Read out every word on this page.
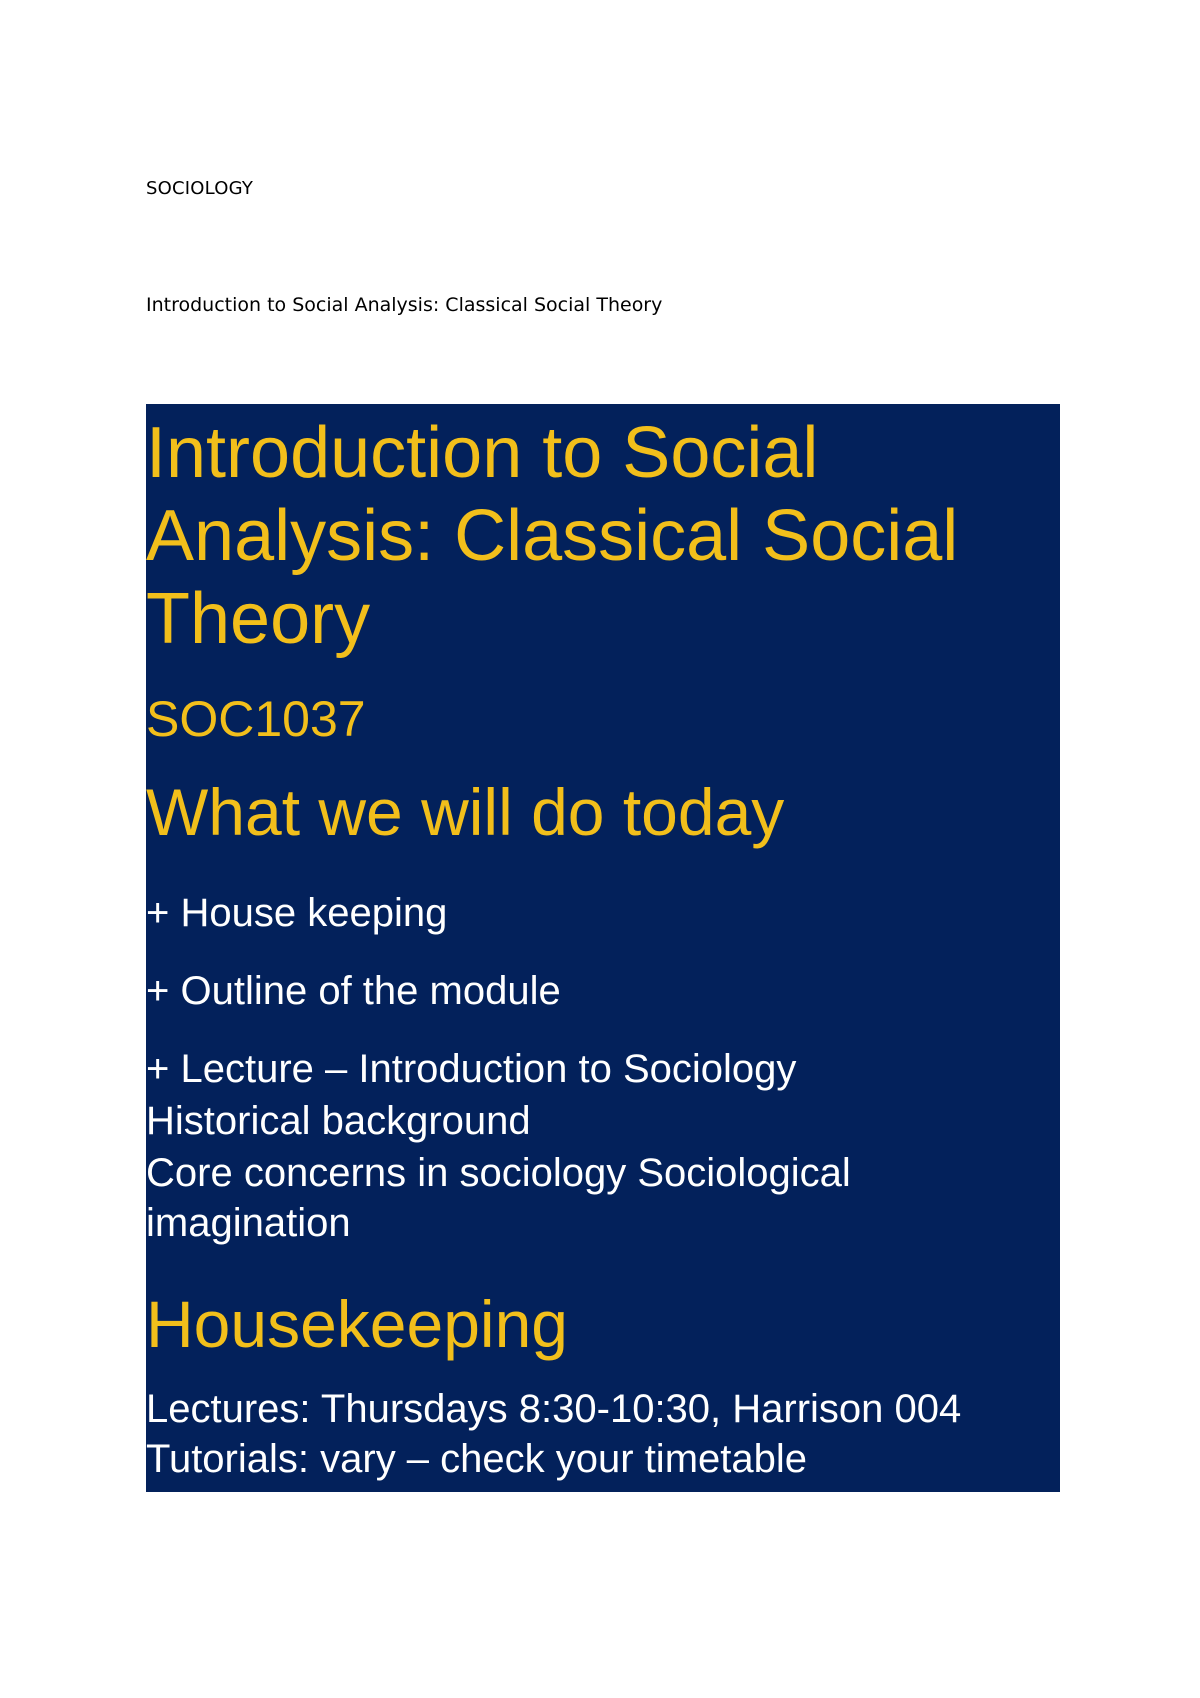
SOCIOLOGY
Introduction to Social Analysis: Classical Social Theory
Introduction to Social Analysis: Classical Social Theory
SOC1037
What we will do today
+ House keeping
+ Outline of the module
+ Lecture – Introduction to Sociology
Historical background
Core concerns in sociology Sociological imagination
Housekeeping
Lectures: Thursdays 8:30-10:30, Harrison 004
Tutorials: vary – check your timetable
